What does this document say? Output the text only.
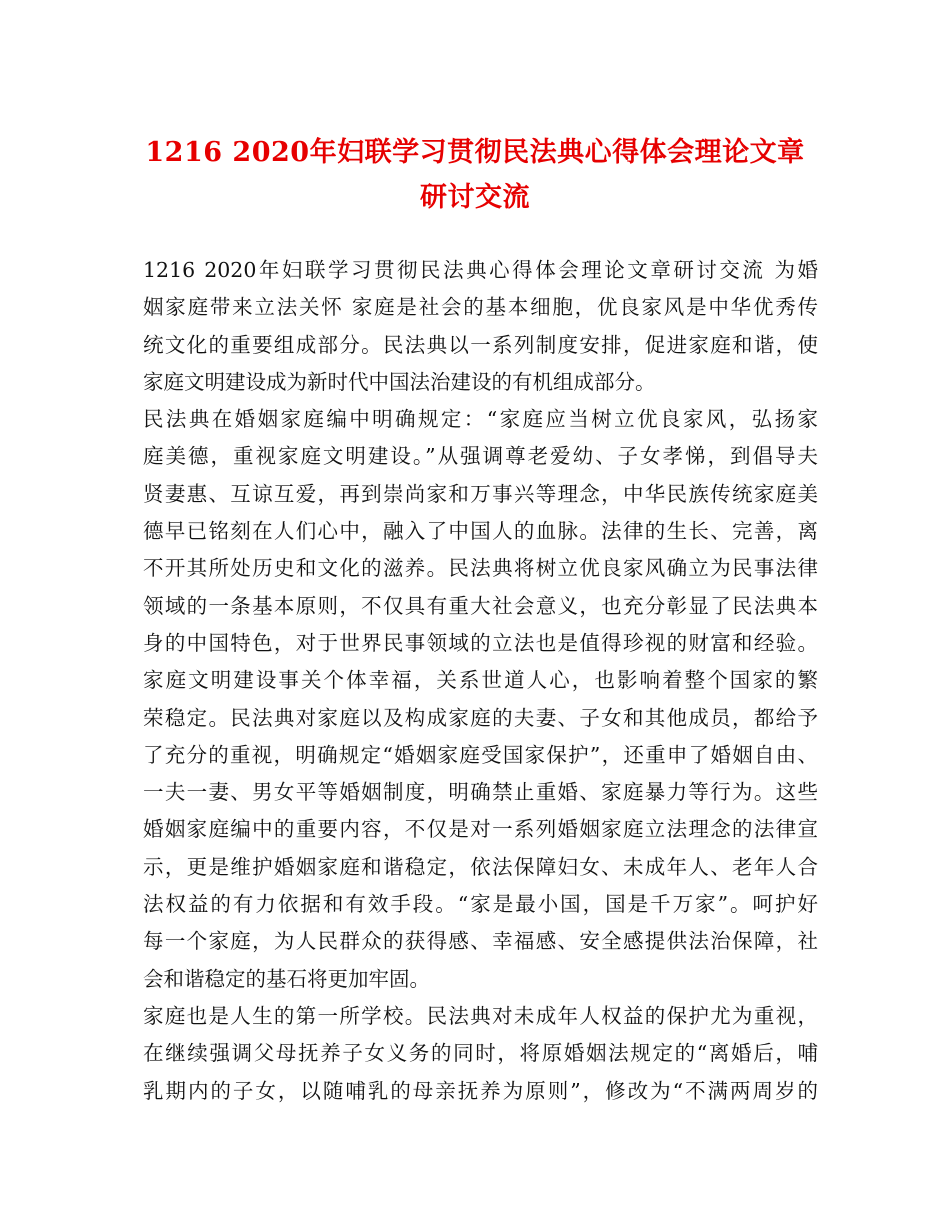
1216 2020年妇联学习贯彻民法典心得体会理论文章
研讨交流
1216 2020年妇联学习贯彻民法典心得体会理论文章研讨交流 为婚
姻家庭带来立法关怀 家庭是社会的基本细胞，优良家风是中华优秀传
统文化的重要组成部分。民法典以一系列制度安排，促进家庭和谐，使
家庭文明建设成为新时代中国法治建设的有机组成部分。
民法典在婚姻家庭编中明确规定：“家庭应当树立优良家风，弘扬家
庭美德，重视家庭文明建设。”从强调尊老爱幼、子女孝悌，到倡导夫
贤妻惠、互谅互爱，再到崇尚家和万事兴等理念，中华民族传统家庭美
德早已铭刻在人们心中，融入了中国人的血脉。法律的生长、完善，离
不开其所处历史和文化的滋养。民法典将树立优良家风确立为民事法律
领域的一条基本原则，不仅具有重大社会意义，也充分彰显了民法典本
身的中国特色，对于世界民事领域的立法也是值得珍视的财富和经验。
家庭文明建设事关个体幸福，关系世道人心，也影响着整个国家的繁
荣稳定。民法典对家庭以及构成家庭的夫妻、子女和其他成员，都给予
了充分的重视，明确规定“婚姻家庭受国家保护”，还重申了婚姻自由、
一夫一妻、男女平等婚姻制度，明确禁止重婚、家庭暴力等行为。这些
婚姻家庭编中的重要内容，不仅是对一系列婚姻家庭立法理念的法律宣
示，更是维护婚姻家庭和谐稳定，依法保障妇女、未成年人、老年人合
法权益的有力依据和有效手段。“家是最小国，国是千万家”。呵护好
每一个家庭，为人民群众的获得感、幸福感、安全感提供法治保障，社
会和谐稳定的基石将更加牢固。
家庭也是人生的第一所学校。民法典对未成年人权益的保护尤为重视，
在继续强调父母抚养子女义务的同时，将原婚姻法规定的“离婚后，哺
乳期内的子女，以随哺乳的母亲抚养为原则”，修改为“不满两周岁的
